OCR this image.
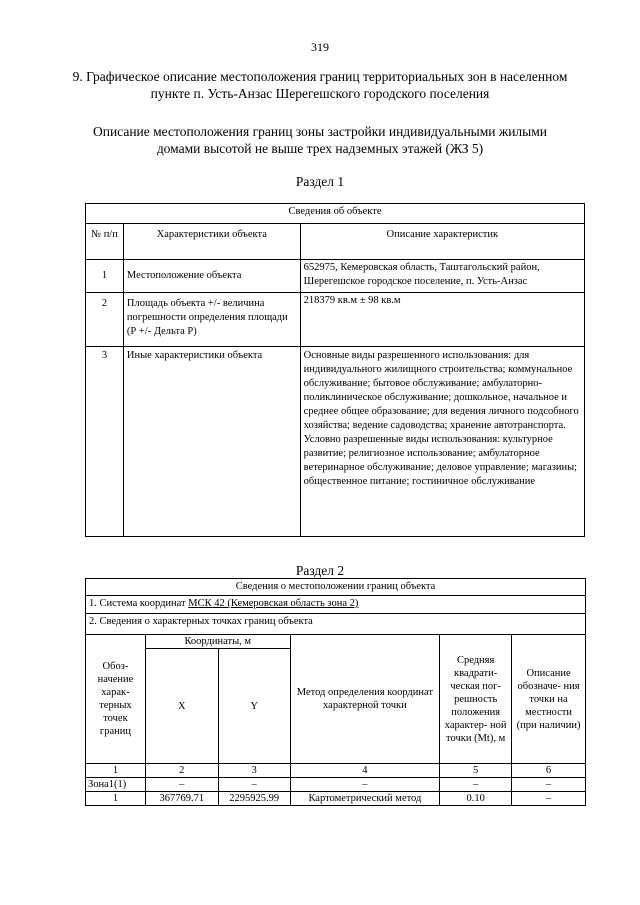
319
9. Графическое описание местоположения границ территориальных зон в населенном пункте п. Усть-Анзас Шерегешского городского поселения
Описание местоположения границ зоны застройки индивидуальными жилыми домами высотой не выше трех надземных этажей (ЖЗ 5)
Раздел 1
Сведения об объекте		
№ п/п	Характеристики объекта	Описание характеристик
1	Местоположение объекта	652975, Кемеровская область, Таштагольский район, Шерегешское городское поселение, п. Усть-Анзас
2	Площадь объекта +/- величина погрешности определения площади (Р +/- Дельта Р)	218379 кв.м ± 98 кв.м
3	Иные характеристики объекта	Основные виды разрешенного использования: для индивидуального жилищного строительства; коммунальное обслуживание; бытовое обслуживание; амбулаторно-поликлиническое обслуживание; дошкольное, начальное и среднее общее образование; для ведения личного подсобного хозяйства; ведение садоводства; хранение автотранспорта.
Условно разрешенные виды использования: культурное развитие; религиозное использование; амбулаторное ветеринарное обслуживание; деловое управление; магазины; общественное питание; гостиничное обслуживание
Раздел 2
Сведения о местоположении границ объекта					
1. Система координат МСК 42 (Кемеровская область зона 2)					
2. Сведения о характерных точках границ объекта					
Обоз- начение харак- терных точек границ	Координаты, м		Метод определения координат характерной точки	Средняя квадрати- ческая пог- решность положения характер- ной точки (Mt), м	Описание обозначе- ния точки на местности (при наличии)
	X	Y			
1	2	3	4	5	6
Зона1(1)	–	–	–	–	–
1	367769.71	2295925.99	Картометрический метод	0.10	–
